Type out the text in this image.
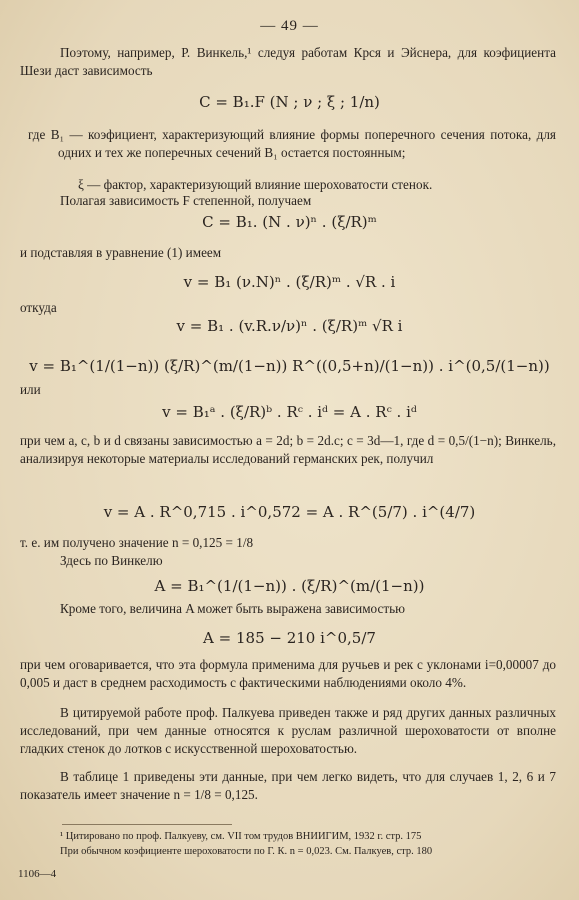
— 49 —
Поэтому, например, Р. Винкель,¹ следуя работам Крся и Эйснера, для коэфициента Шези даст зависимость
C = B₁.F (N ; ν ; ξ ; 1/n)
где B₁ — коэфициент, характеризующий влияние формы поперечного сечения потока, для одних и тех же поперечных сечений B₁ остается постоянным;
ξ — фактор, характеризующий влияние шероховатости стенок.
Полагая зависимость F степенной, получаем
C = B₁. (N . ν)ⁿ . (ξ/R)ᵐ
и подставляя в уравнение (1) имеем
v = B₁ (ν.N)ⁿ . (ξ/R)ᵐ . √R . i
откуда
v = B₁ . (v.R.ν/ν)ⁿ . (ξ/R)ᵐ √R i
v = B₁^(1/(1−n)) (ξ/R)^(m/(1−n)) R^((0,5+n)/(1−n)) . i^(0,5/(1−n))
или
v = B₁ᵃ . (ξ/R)ᵇ . Rᶜ . iᵈ = A . Rᶜ . iᵈ
при чем a, c, b и d связаны зависимостью a = 2d; b = 2d.c; c = 3d—1, где d = 0,5/(1−n); Винкель, анализируя некоторые материалы исследований германских рек, получил
v = A . R^0,715 . i^0,572 = A . R^(5/7) . i^(4/7)
т. е. им получено значение n = 0,125 = 1/8
Здесь по Винкелю
A = B₁^(1/(1−n)) . (ξ/R)^(m/(1−n))
Кроме того, величина A может быть выражена зависимостью
A = 185 − 210 i^0,5/7
при чем оговаривается, что эта формула применима для ручьев и рек с уклонами i=0,00007 до 0,005 и даст в среднем расходимость с фактическими наблюдениями около 4%.
В цитируемой работе проф. Палкуева приведен также и ряд других данных различных исследований, при чем данные относятся к руслам различной шероховатости от вполне гладких стенок до лотков с искусственной шероховатостью.
В таблице 1 приведены эти данные, при чем легко видеть, что для случаев 1, 2, 6 и 7 показатель имеет значение n = 1/8 = 0,125.
¹ Цитировано по проф. Палкуеву, см. VII том трудов ВНИИГИМ, 1932 г. стр. 175
При обычном коэфициенте шероховатости по Г. К. n = 0,023. См. Палкуев, стр. 180
1106—4
